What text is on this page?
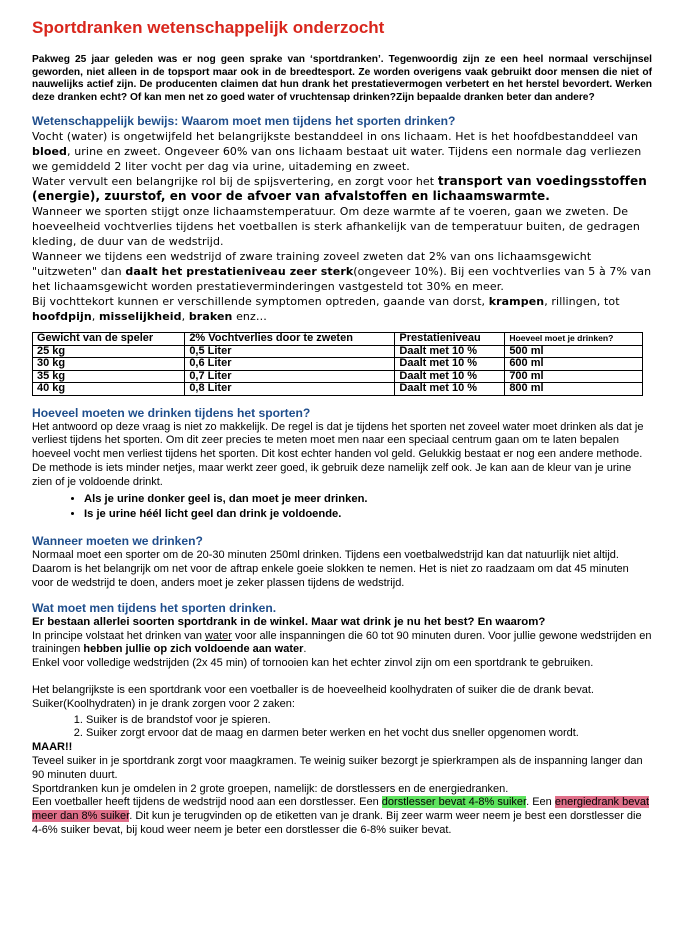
Sportdranken wetenschappelijk onderzocht

Pakweg 25 jaar geleden was er nog geen sprake van ‘sportdranken’. Tegenwoordig zijn ze een heel normaal verschijnsel geworden, niet alleen in de topsport maar ook in de breedtesport. Ze worden overigens vaak gebruikt door mensen die niet of nauwelijks actief zijn. De producenten claimen dat hun drank het prestatievermogen verbetert en het herstel bevordert. Werken deze dranken echt? Of kan men net zo goed water of vruchtensap drinken?Zijn bepaalde dranken beter dan andere?

Wetenschappelijk bewijs: Waarom moet men tijdens het sporten drinken?

Vocht (water) is ongetwijfeld het belangrijkste bestanddeel in ons lichaam. Het is het hoofdbestanddeel van bloed, urine en zweet. Ongeveer 60% van ons lichaam bestaat uit water. Tijdens een normale dag verliezen we gemiddeld 2 liter vocht per dag via urine, uitademing en zweet.

Water vervult een belangrijke rol bij de spijsvertering, en zorgt voor het transport van voedingsstoffen (energie), zuurstof, en voor de afvoer van afvalstoffen en lichaamswarmte.

Wanneer we sporten stijgt onze lichaamstemperatuur. Om deze warmte af te voeren, gaan we zweten. De hoeveelheid vochtverlies tijdens het voetballen is sterk afhankelijk van de temperatuur buiten, de gedragen kleding, de duur van de wedstrijd.

Wanneer we tijdens een wedstrijd of zware training zoveel zweten dat 2% van ons lichaamsgewicht "uitzweten" dan daalt het prestatieniveau zeer sterk(ongeveer 10%). Bij een vochtverlies van 5 à 7% van het lichaamsgewicht worden prestatieverminderingen vastgesteld tot 30% en meer.

Bij vochttekort kunnen er verschillende symptomen optreden, gaande van dorst, krampen, rillingen, tot hoofdpijn, misselijkheid, braken enz…

Gewicht van de speler	2% Vochtverlies door te zweten	Prestatieniveau	Hoeveel moet je drinken?
25 kg	0,5 Liter	Daalt met 10 %	500 ml
30 kg	0,6 Liter	Daalt met 10 %	600 ml
35 kg	0,7 Liter	Daalt met 10 %	700 ml
40 kg	0,8 Liter	Daalt met 10 %	800 ml
Hoeveel moeten we drinken tijdens het sporten?

Het antwoord op deze vraag is niet zo makkelijk. De regel is dat je tijdens het sporten net zoveel water moet drinken als dat je verliest tijdens het sporten. Om dit zeer precies te meten moet men naar een speciaal centrum gaan om te laten bepalen hoeveel vocht men verliest tijdens het sporten. Dit kost echter handen vol geld. Gelukkig bestaat er nog een andere methode.

De methode is iets minder netjes, maar werkt zeer goed, ik gebruik deze namelijk zelf ook. Je kan aan de kleur van je urine zien of je voldoende drinkt.

• Als je urine donker geel is, dan moet je meer drinken.
• Is je urine héél licht geel dan drink je voldoende.
Wanneer moeten we drinken?

Normaal moet een sporter om de 20-30 minuten 250ml drinken. Tijdens een voetbalwedstrijd kan dat natuurlijk niet altijd. Daarom is het belangrijk om net voor de aftrap enkele goeie slokken te nemen. Het is niet zo raadzaam om dat 45 minuten voor de wedstrijd te doen, anders moet je zeker plassen tijdens de wedstrijd.

Wat moet men tijdens het sporten drinken.

Er bestaan allerlei soorten sportdrank in de winkel. Maar wat drink je nu het best? En waarom?

In principe volstaat het drinken van water voor alle inspanningen die 60 tot 90 minuten duren. Voor jullie gewone wedstrijden en trainingen hebben jullie op zich voldoende aan water.

Enkel voor volledige wedstrijden (2x 45 min) of tornooien kan het echter zinvol zijn om een sportdrank te gebruiken.

Het belangrijkste is een sportdrank voor een voetballer is de hoeveelheid koolhydraten of suiker die de drank bevat. Suiker(Koolhydraten) in je drank zorgen voor 2 zaken:

1. Suiker is de brandstof voor je spieren.
2. Suiker zorgt ervoor dat de maag en darmen beter werken en het vocht dus sneller opgenomen wordt.

MAAR!!

Teveel suiker in je sportdrank zorgt voor maagkramen. Te weinig suiker bezorgt je spierkrampen als de inspanning langer dan 90 minuten duurt.

Sportdranken kun je omdelen in 2 grote groepen, namelijk: de dorstlessers en de energiedranken.

Een voetballer heeft tijdens de wedstrijd nood aan een dorstlesser. Een dorstlesser bevat 4-8% suiker. Een energiedrank bevat meer dan 8% suiker. Dit kun je terugvinden op de etiketten van je drank. Bij zeer warm weer neem je best een dorstlesser die 4-6% suiker bevat, bij koud weer neem je beter een dorstlesser die 6-8% suiker bevat.
